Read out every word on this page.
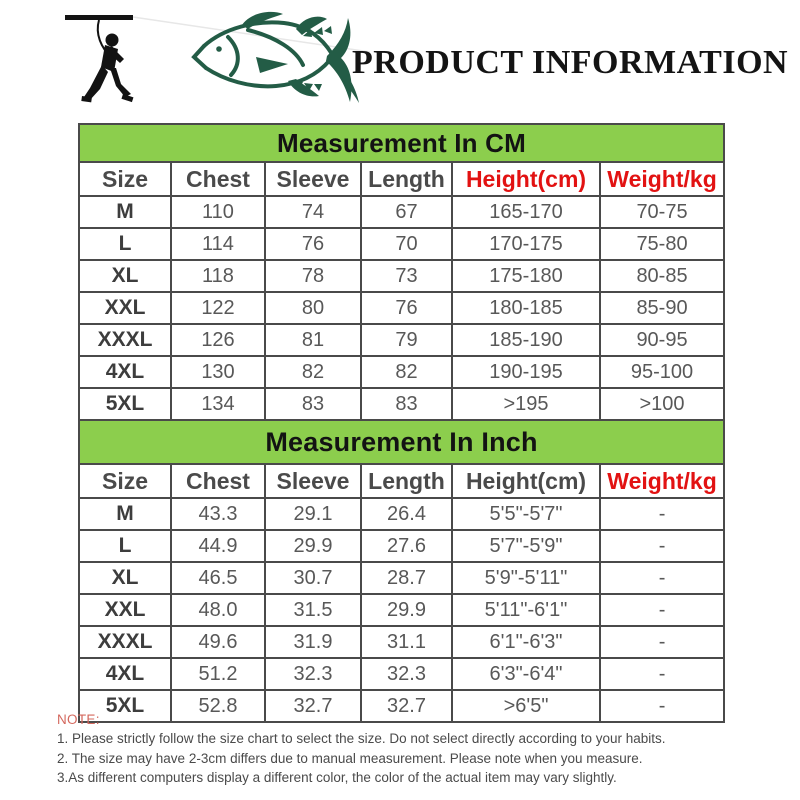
PRODUCT INFORMATION
Measurement In CM					
Size	Chest	Sleeve	Length	Height(cm)	Weight/kg
M	110	74	67	165-170	70-75
L	114	76	70	170-175	75-80
XL	118	78	73	175-180	80-85
XXL	122	80	76	180-185	85-90
XXXL	126	81	79	185-190	90-95
4XL	130	82	82	190-195	95-100
5XL	134	83	83	>195	>100
Measurement In Inch					
Size	Chest	Sleeve	Length	Height(cm)	Weight/kg
M	43.3	29.1	26.4	5'5"-5'7"	-
L	44.9	29.9	27.6	5'7"-5'9"	-
XL	46.5	30.7	28.7	5'9"-5'11"	-
XXL	48.0	31.5	29.9	5'11"-6'1"	-
XXXL	49.6	31.9	31.1	6'1"-6'3"	-
4XL	51.2	32.3	32.3	6'3"-6'4"	-
5XL	52.8	32.7	32.7	>6'5"	-
NOTE:
1. Please strictly follow the size chart to select the size. Do not select directly according to your habits.
2. The size may have 2-3cm differs due to manual measurement. Please note when you measure.
3.As different computers display a different color, the color of the actual item may vary slightly.
